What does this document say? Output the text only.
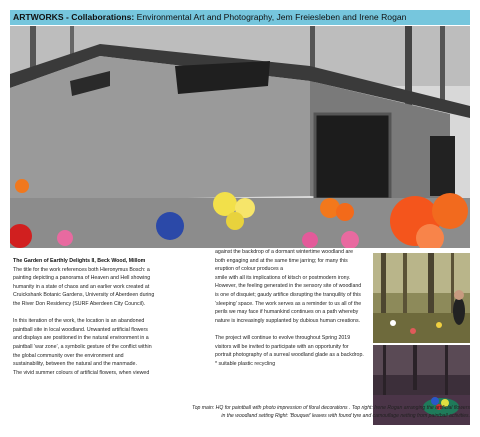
ARTWORKS - Collaborations: Environmental Art and Photography, Jem Freiesleben and Irene Rogan

The Garden of Earthly Delights II, Beck Wood, Millom

The title for the work references both Hieronymus Bosch: a

painting depicting a panorama of Heaven and Hell showing

humanity in a state of chaos and an earlier work created at

Cruickshank Botanic Gardens, University of Aberdeen during

the River Don Residency (SURF Aberdeen City Council).

In this iteration of the work, the location is an abandoned

paintball site in local woodland. Unwanted artificial flowers

and displays are positioned in the natural environment in a

paintball ‘war zone’, a symbolic gesture of the conflict within

the global community over the environment and

sustainability, between the natural and the manmade.

The vivid summer colours of artificial flowers, when viewed

against the backdrop of a dormant wintertime woodland are

both engaging and at the same time jarring; for many this

eruption of colour produces a

smile with all its implications of kitsch or postmodern irony.

However, the feeling generated in the sensory site of woodland

is one of disquiet; gaudy artifice disrupting the tranquility of this

‘sleeping’ space. The work serves as a reminder to us all of the

perils we may face if humankind continues on a path whereby

nature is increasingly supplanted by dubious human creations.

The project will continue to evolve throughout Spring 2019

visitors will be invited to participate with an opportunity for

portrait photography of a surreal woodland glade as a backdrop.

* suitable plastic recycling

Top main: HQ for paintball with photo impression of floral decorations . Top right: Irene Rogan arranging the artificial flowers
in the woodland setting Right: 'Bouquet' leaves with found tyre and camouflage netting from paintball activities.
